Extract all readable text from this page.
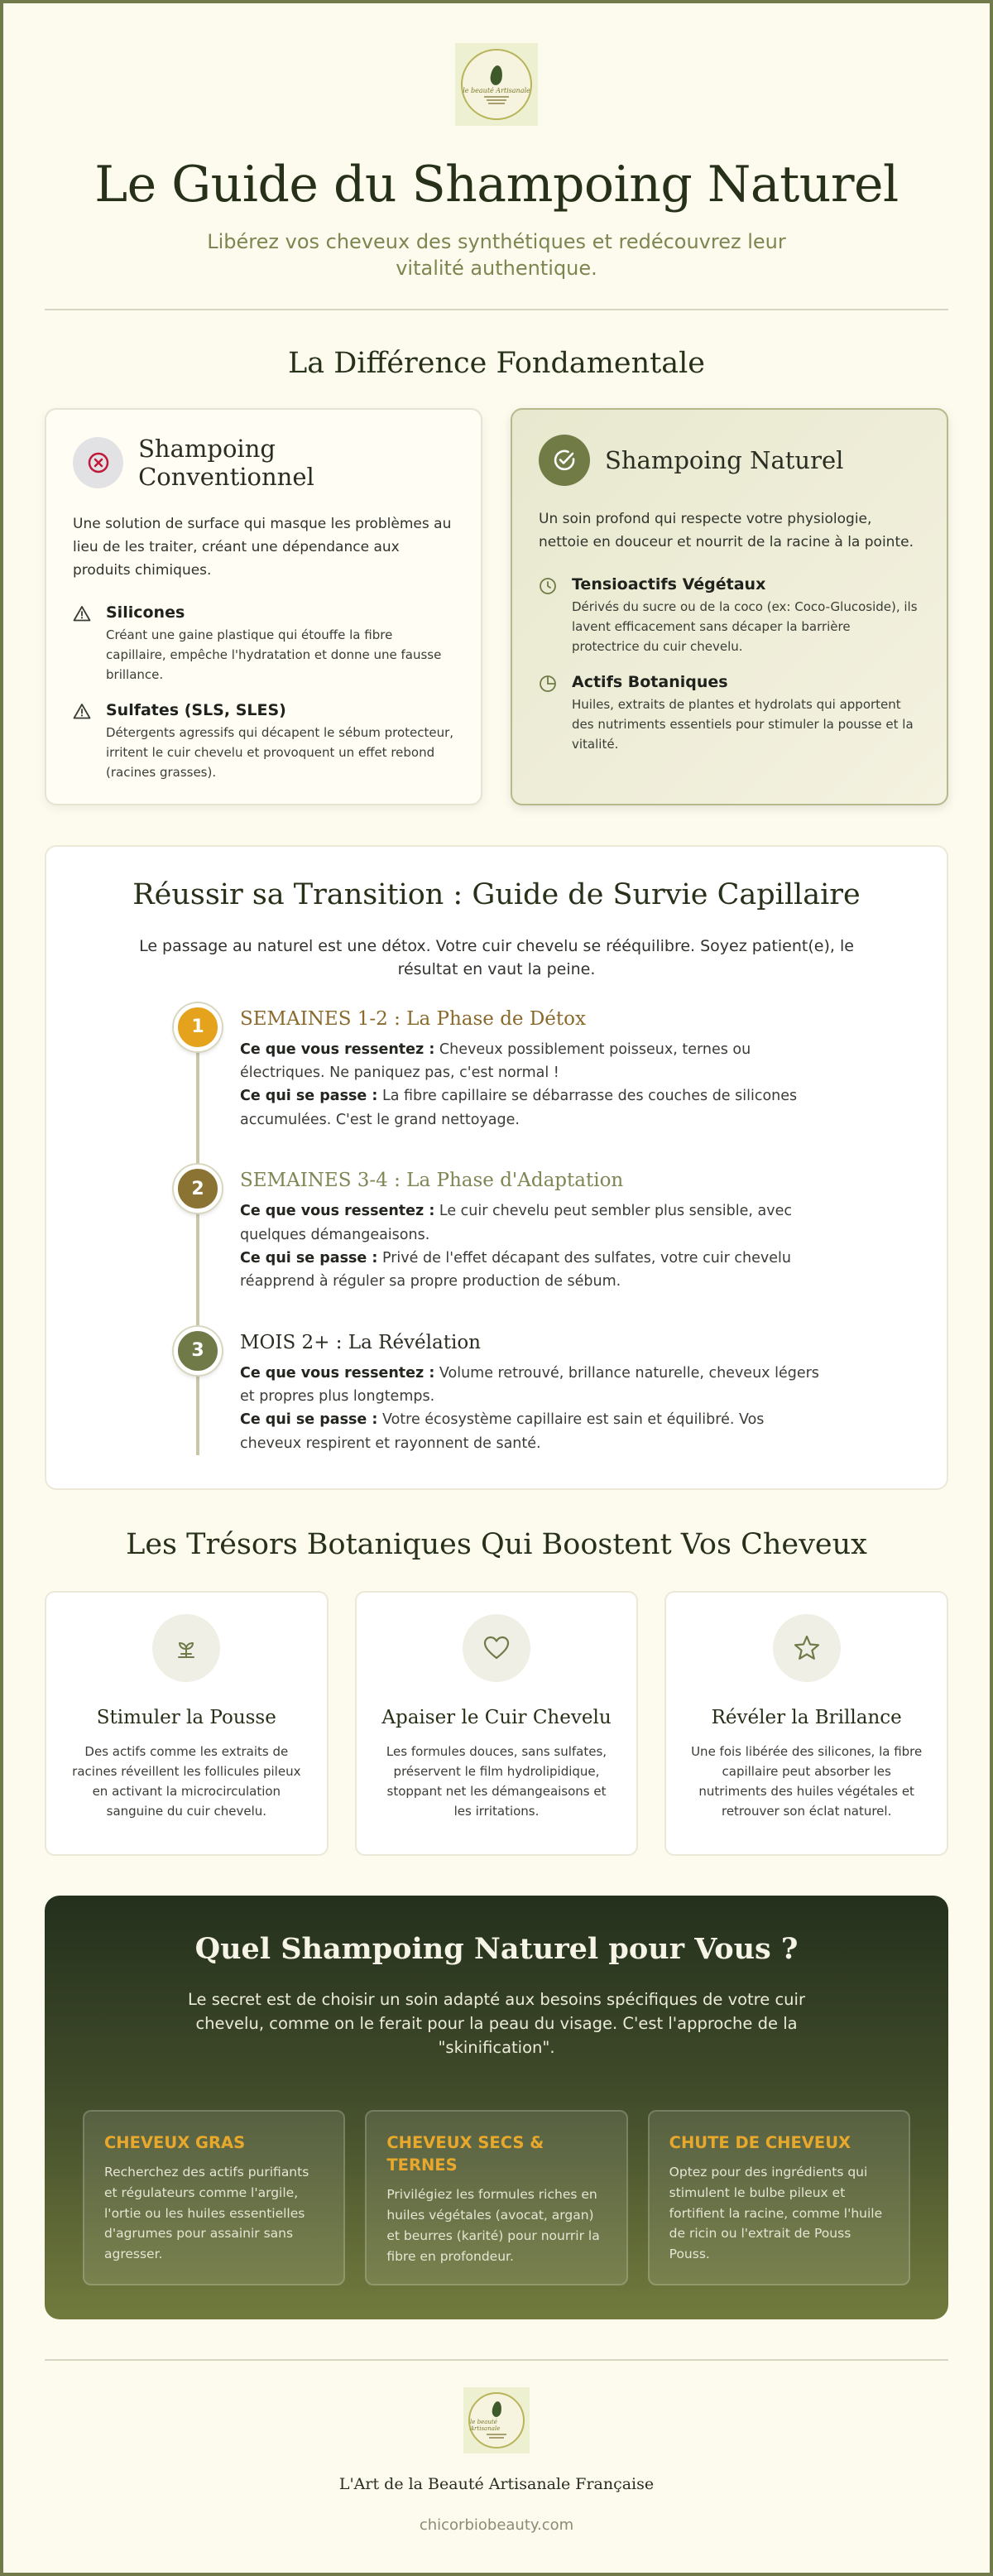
le beauté Artisanale
Le Guide du Shampoing Naturel

Libérez vos cheveux des synthétiques et redécouvrez leur vitalité authentique.

La Différence Fondamentale
Shampoing Conventionnel

Une solution de surface qui masque les problèmes au lieu de les traiter, créant une dépendance aux produits chimiques.

Silicones
Créant une gaine plastique qui étouffe la fibre capillaire, empêche l'hydratation et donne une fausse brillance.
Sulfates (SLS, SLES)
Détergents agressifs qui décapent le sébum protecteur, irritent le cuir chevelu et provoquent un effet rebond (racines grasses).
Shampoing Naturel

Un soin profond qui respecte votre physiologie, nettoie en douceur et nourrit de la racine à la pointe.

Tensioactifs Végétaux
Dérivés du sucre ou de la coco (ex: Coco-Glucoside), ils lavent efficacement sans décaper la barrière protectrice du cuir chevelu.
Actifs Botaniques
Huiles, extraits de plantes et hydrolats qui apportent des nutriments essentiels pour stimuler la pousse et la vitalité.
Réussir sa Transition : Guide de Survie Capillaire

Le passage au naturel est une détox. Votre cuir chevelu se rééquilibre. Soyez patient(e), le résultat en vaut la peine.

1	SEMAINES 1-2 : La Phase de Détox
Ce que vous ressentez : Cheveux possiblement poisseux, ternes ou électriques. Ne paniquez pas, c'est normal !
Ce qui se passe : La fibre capillaire se débarrasse des couches de silicones accumulées. C'est le grand nettoyage.
2	SEMAINES 3-4 : La Phase d'Adaptation
Ce que vous ressentez : Le cuir chevelu peut sembler plus sensible, avec quelques démangeaisons.
Ce qui se passe : Privé de l'effet décapant des sulfates, votre cuir chevelu réapprend à réguler sa propre production de sébum.
3	MOIS 2+ : La Révélation
Ce que vous ressentez : Volume retrouvé, brillance naturelle, cheveux légers et propres plus longtemps.
Ce qui se passe : Votre écosystème capillaire est sain et équilibré. Vos cheveux respirent et rayonnent de santé.
Les Trésors Botaniques Qui Boostent Vos Cheveux
Stimuler la Pousse

Des actifs comme les extraits de racines réveillent les follicules pileux en activant la microcirculation sanguine du cuir chevelu.

Apaiser le Cuir Chevelu

Les formules douces, sans sulfates, préservent le film hydrolipidique, stoppant net les démangeaisons et les irritations.

Révéler la Brillance

Une fois libérée des silicones, la fibre capillaire peut absorber les nutriments des huiles végétales et retrouver son éclat naturel.

Quel Shampoing Naturel pour Vous ?

Le secret est de choisir un soin adapté aux besoins spécifiques de votre cuir chevelu, comme on le ferait pour la peau du visage. C'est l'approche de la "skinification".

CHEVEUX GRAS

Recherchez des actifs purifiants et régulateurs comme l'argile, l'ortie ou les huiles essentielles d'agrumes pour assainir sans agresser.

CHEVEUX SECS & TERNES

Privilégiez les formules riches en huiles végétales (avocat, argan) et beurres (karité) pour nourrir la fibre en profondeur.

CHUTE DE CHEVEUX

Optez pour des ingrédients qui stimulent le bulbe pileux et fortifient la racine, comme l'huile de ricin ou l'extrait de Pouss Pouss.

le beauté Artisanale
L'Art de la Beauté Artisanale Française
chicorbiobeauty.com
